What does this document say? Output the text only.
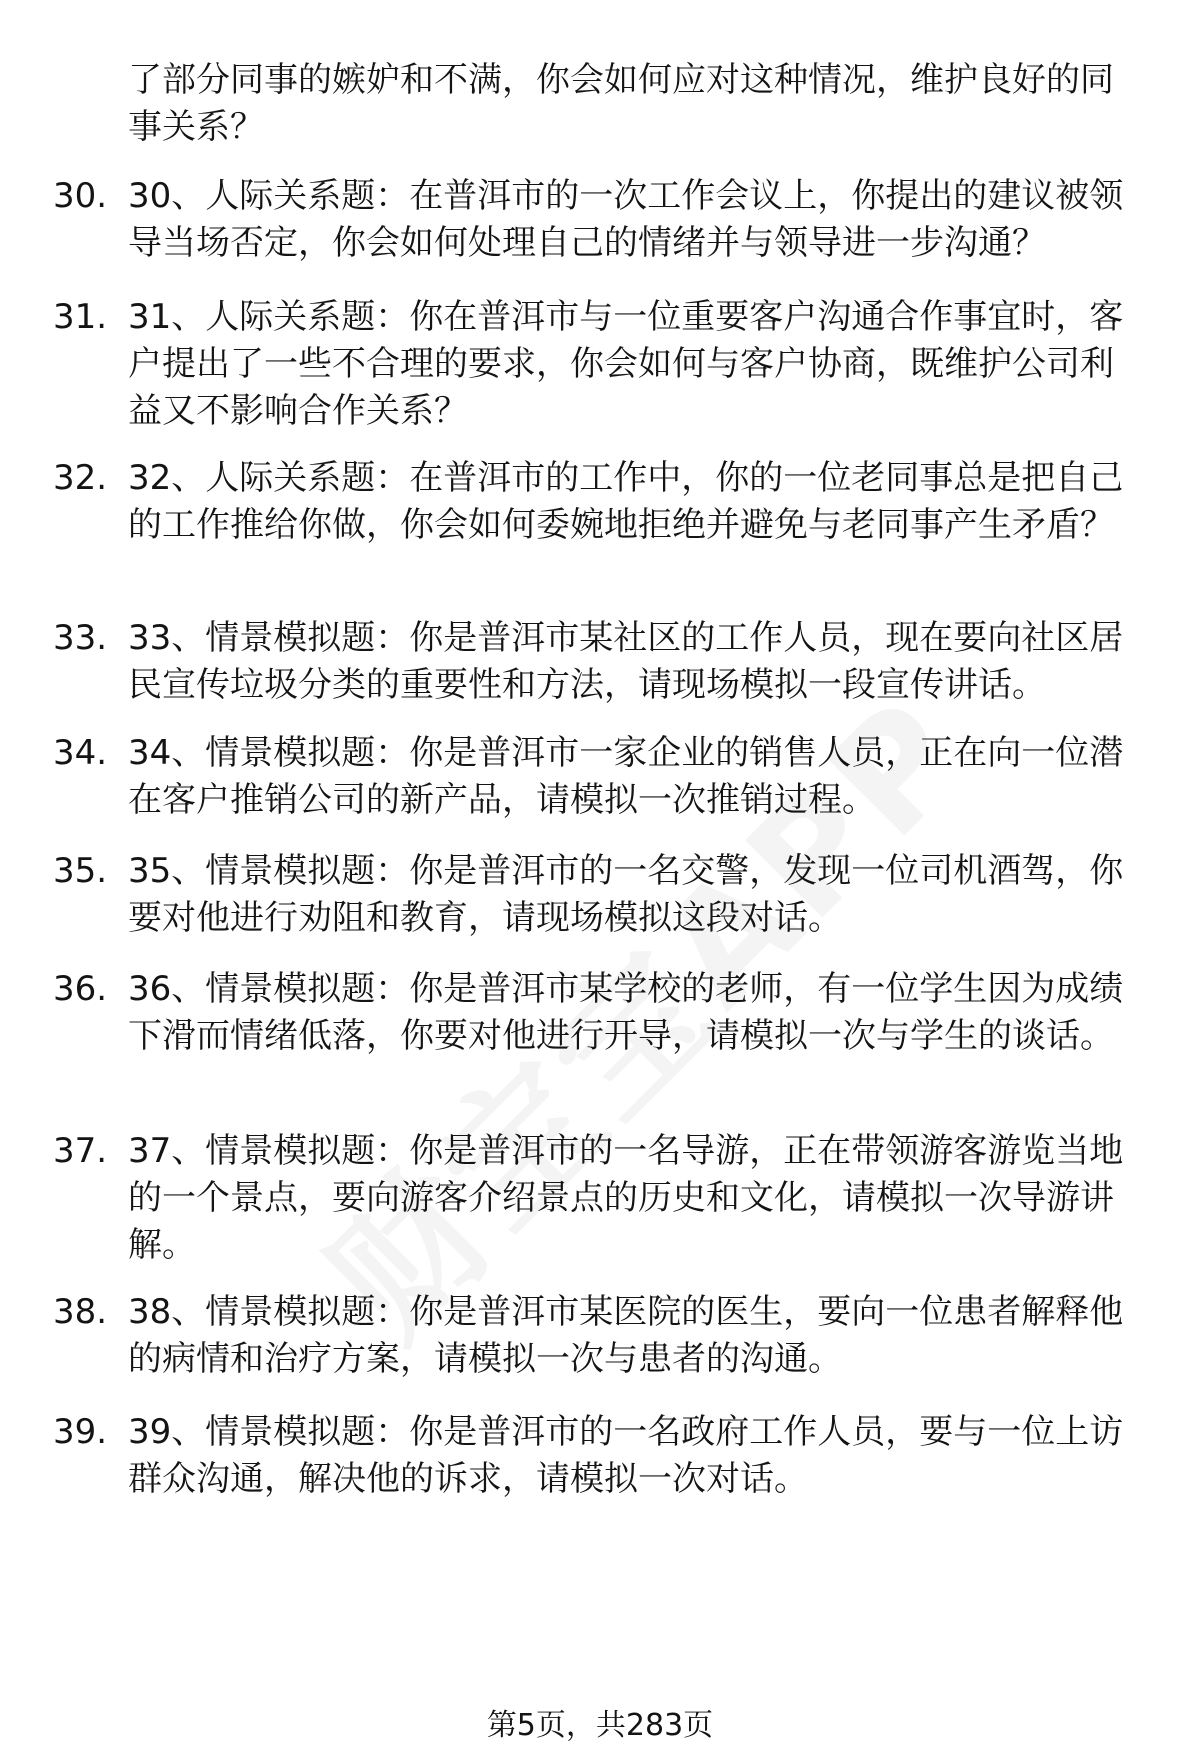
了部分同事的嫉妒和不满，你会如何应对这种情况，维护良好的同事关系？

30. 30、人际关系题：在普洱市的一次工作会议上，你提出的建议被领导当场否定，你会如何处理自己的情绪并与领导进一步沟通？

31. 31、人际关系题：你在普洱市与一位重要客户沟通合作事宜时，客户提出了一些不合理的要求，你会如何与客户协商，既维护公司利益又不影响合作关系？

32. 32、人际关系题：在普洱市的工作中，你的一位老同事总是把自己的工作推给你做，你会如何委婉地拒绝并避免与老同事产生矛盾？

33. 33、情景模拟题：你是普洱市某社区的工作人员，现在要向社区居民宣传垃圾分类的重要性和方法，请现场模拟一段宣传讲话。

34. 34、情景模拟题：你是普洱市一家企业的销售人员，正在向一位潜在客户推销公司的新产品，请模拟一次推销过程。

35. 35、情景模拟题：你是普洱市的一名交警，发现一位司机酒驾，你要对他进行劝阻和教育，请现场模拟这段对话。

36. 36、情景模拟题：你是普洱市某学校的老师，有一位学生因为成绩下滑而情绪低落，你要对他进行开导，请模拟一次与学生的谈话。

37. 37、情景模拟题：你是普洱市的一名导游，正在带领游客游览当地的一个景点，要向游客介绍景点的历史和文化，请模拟一次导游讲解。

38. 38、情景模拟题：你是普洱市某医院的医生，要向一位患者解释他的病情和治疗方案，请模拟一次与患者的沟通。

39. 39、情景模拟题：你是普洱市的一名政府工作人员，要与一位上访群众沟通，解决他的诉求，请模拟一次对话。

第5页，共283页
